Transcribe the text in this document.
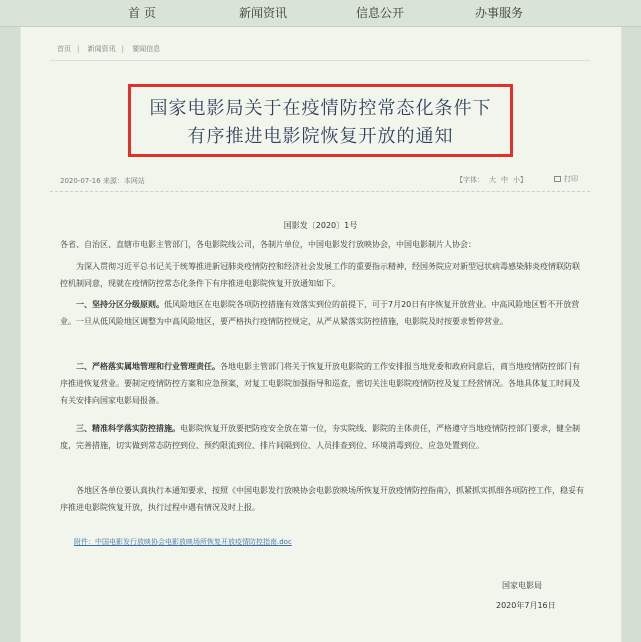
首 页	新闻资讯	信息公开	办事服务
首页 | 新闻资讯 | 要闻信息
国家电影局关于在疫情防控常态化条件下
有序推进电影院恢复开放的通知
2020-07-16 来源：本网站	【字体： 大 中 小】	打印
国影发〔2020〕1号

各省、自治区、直辖市电影主管部门，各电影院线公司，各制片单位，中国电影发行放映协会，中国电影制片人协会：

为深入贯彻习近平总书记关于统筹推进新冠肺炎疫情防控和经济社会发展工作的重要指示精神，经国务院应对新型冠状病毒感染肺炎疫情联防联控机制同意，现就在疫情防控常态化条件下有序推进电影院恢复开放通知如下。

一、坚持分区分级原则。低风险地区在电影院各项防控措施有效落实到位的前提下，可于7月20日有序恢复开放营业。中高风险地区暂不开放营业。一旦从低风险地区调整为中高风险地区，要严格执行疫情防控规定，从严从紧落实防控措施，电影院及时按要求暂停营业。

二、严格落实属地管理和行业管理责任。各地电影主管部门将关于恢复开放电影院的工作安排报当地党委和政府同意后，商当地疫情防控部门有序推进恢复营业。要制定疫情防控方案和应急预案，对复工电影院加强指导和巡查，密切关注电影院疫情防控及复工经营情况。各地具体复工时间及有关安排向国家电影局报备。

三、精准科学落实防控措施。电影院恢复开放要把防疫安全放在第一位，夯实院线、影院的主体责任，严格遵守当地疫情防控部门要求，健全制度，完善措施，切实做到常态防控到位、预约限流到位、排片间隔到位、人员排查到位、环境消毒到位、应急处置到位。

各地区各单位要认真执行本通知要求，按照《中国电影发行放映协会电影放映场所恢复开放疫情防控指南》，抓紧抓实抓细各项防控工作，稳妥有序推进电影院恢复开放，执行过程中遇有情况及时上报。

附件：中国电影发行放映协会电影放映场所恢复开放疫情防控指南.doc
国家电影局
2020年7月16日
